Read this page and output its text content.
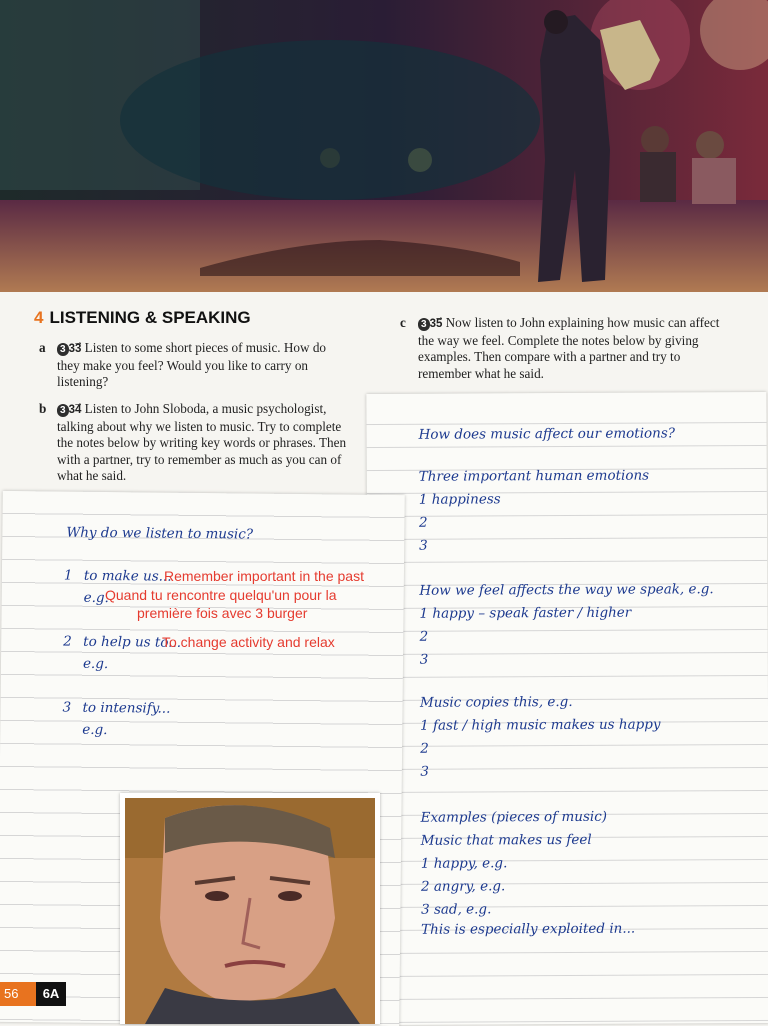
4 LISTENING & SPEAKING
a 3 33⃗ Listen to some short pieces of music. How do they make you feel? Would you like to carry on listening?
b 3 34⃗ Listen to John Sloboda, a music psychologist, talking about why we listen to music. Try to complete the notes below by writing key words or phrases. Then with a partner, try to remember as much as you can of what he said.
c 3 35⃗ Now listen to John explaining how music can affect the way we feel. Complete the notes below by giving examples. Then compare with a partner and try to remember what he said.
How does music affect our emotions?
Three important human emotions
1 happiness
2
3
How we feel affects the way we speak, e.g.
1 happy – speak faster / higher
2
3
Music copies this, e.g.
1 fast / high music makes us happy
2
3
Examples (pieces of music)
Music that makes us feel
1 happy, e.g.
2 angry, e.g.
3 sad, e.g.
This is especially exploited in...
Why do we listen to music?
1 to make us...
e.g.
2 to help us to...
e.g.
3 to intensify...
e.g.
Remember important in the past
Quand tu rencontre quelqu'un pour la
première fois avec 3 burger
To change activity and relax
56	6A
